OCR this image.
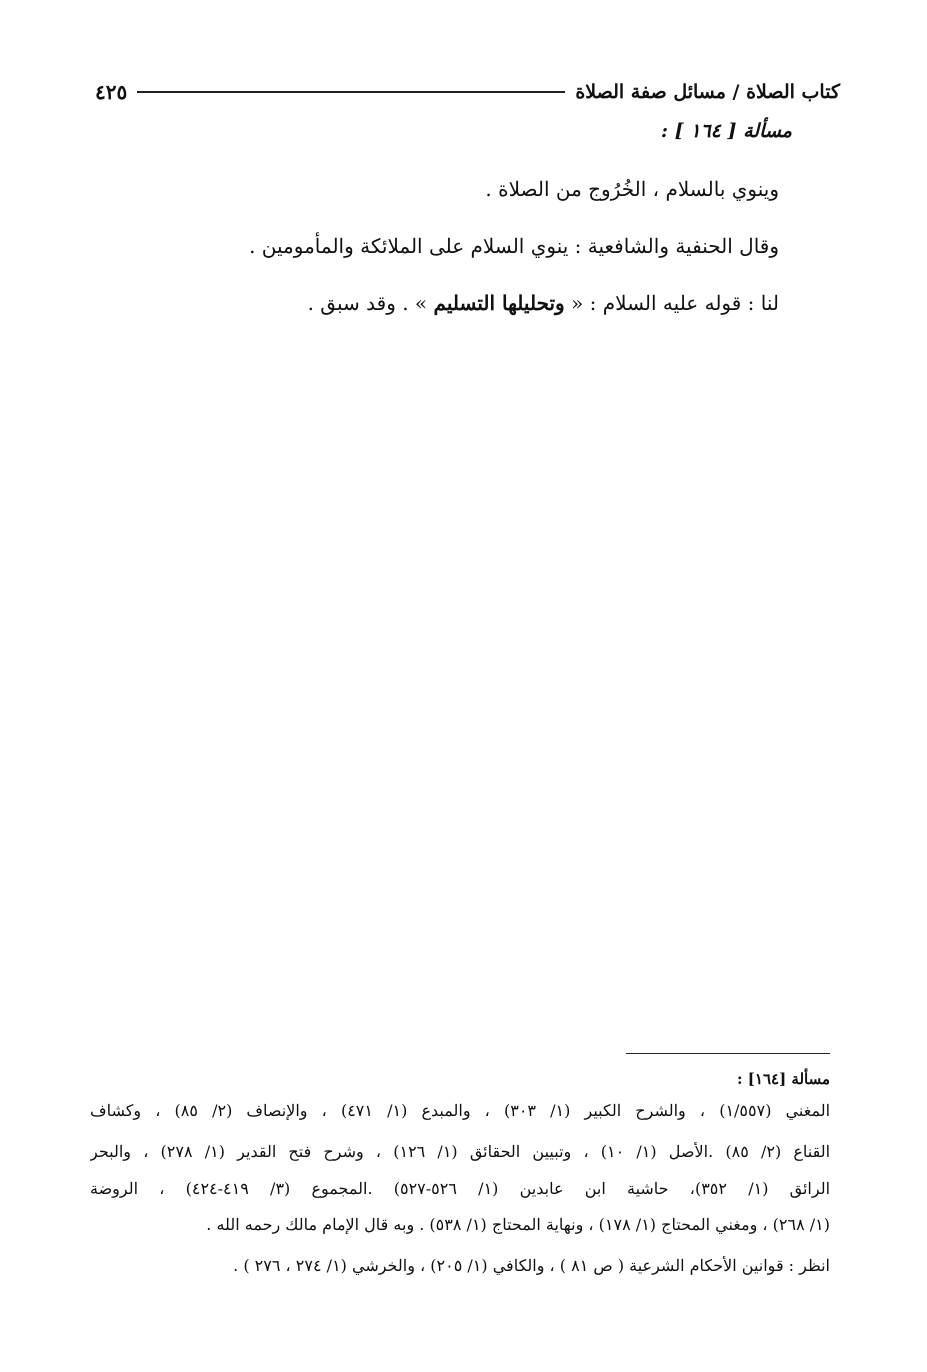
كتاب الصلاة / مسائل صفة الصلاة
٤٢٥
مسألة [ ١٦٤ ] :
وينوي بالسلام ، الخُرُوج من الصلاة .
وقال الحنفية والشافعية : ينوي السلام على الملائكة والمأمومين .
لنا : قوله عليه السلام : « وتحليلها التسليم » . وقد سبق .
مسألة [١٦٤] :
المغني (١/٥٥٧) ، والشرح الكبير (١/ ٣٠٣) ، والمبدع (١/ ٤٧١) ، والإنصاف (٢/ ٨٥) ، وكشاف
القناع (٢/ ٨٥) .الأصل (١/ ١٠) ، وتبيين الحقائق (١/ ١٢٦) ، وشرح فتح القدير (١/ ٢٧٨) ، والبحر
الرائق (١/ ٣٥٢)، حاشية ابن عابدين (١/ ٥٢٦-٥٢٧) .المجموع (٣/ ٤١٩-٤٢٤) ، الروضة
(١/ ٢٦٨) ، ومغني المحتاج (١/ ١٧٨) ، ونهاية المحتاج (١/ ٥٣٨) . وبه قال الإمام مالك رحمه الله .
انظر : قوانين الأحكام الشرعية ( ص ٨١ ) ، والكافي (١/ ٢٠٥) ، والخرشي (١/ ٢٧٤ ، ٢٧٦ ) .
